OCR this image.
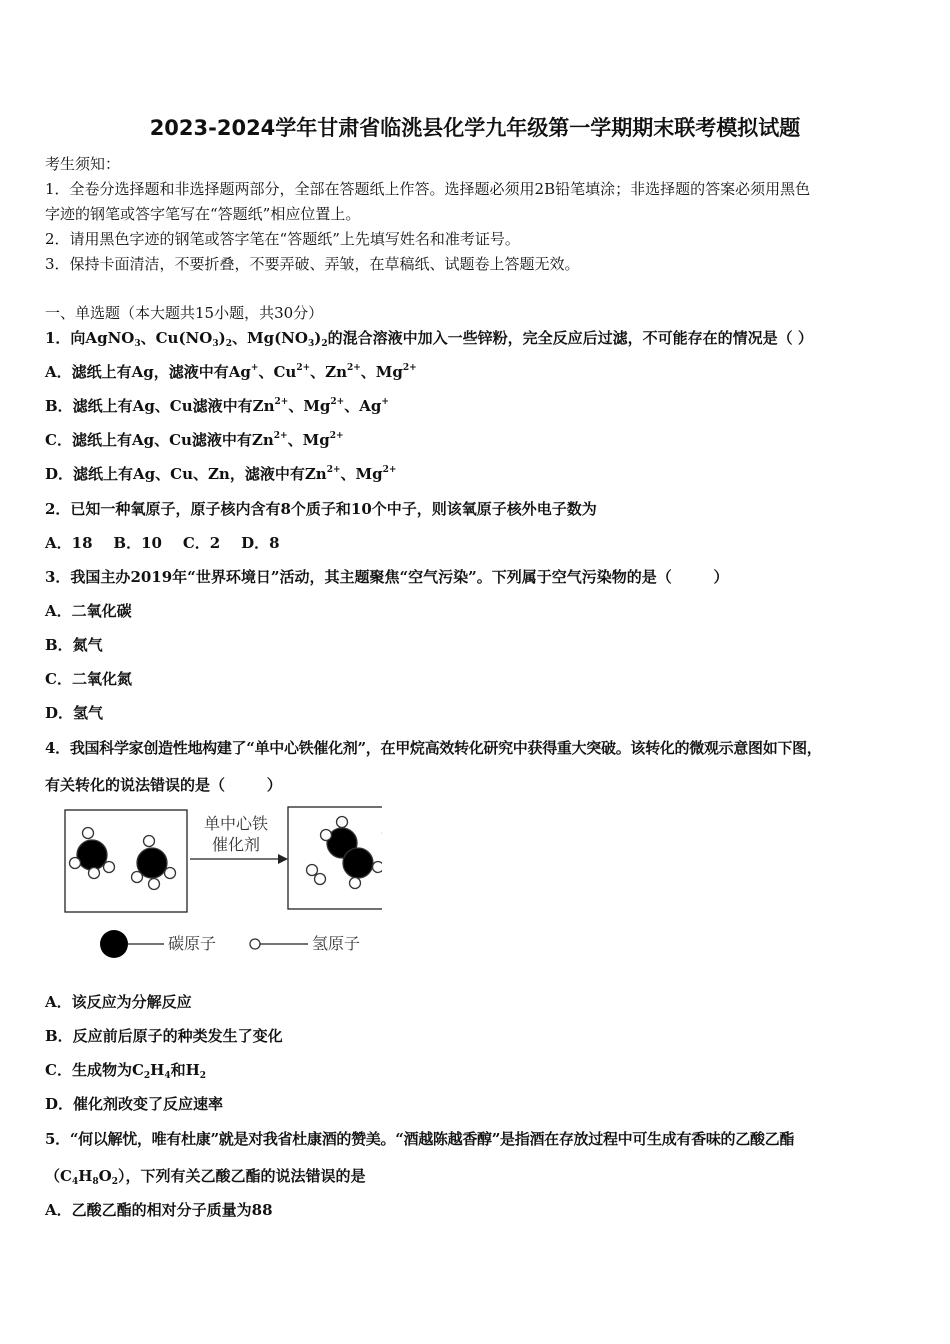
2023-2024学年甘肃省临洮县化学九年级第一学期期末联考模拟试题
考生须知：
1．全卷分选择题和非选择题两部分，全部在答题纸上作答。选择题必须用2B铅笔填涂；非选择题的答案必须用黑色
字迹的钢笔或答字笔写在“答题纸”相应位置上。
2．请用黑色字迹的钢笔或答字笔在“答题纸”上先填写姓名和准考证号。
3．保持卡面清洁，不要折叠，不要弄破、弄皱，在草稿纸、试题卷上答题无效。
一、单选题（本大题共15小题，共30分）
1．向AgNO$_3$、$Cu(NO_3)_2$、$Mg(NO_3)_2$的混合溶液中加入一些锌粉，完全反应后过滤，不可能存在的情况是（ ）
A．滤纸上有Ag，滤液中有Ag+、$Cu^{2+}$、$Zn^{2+}$、$Mg^{2+}$
B．滤纸上有Ag、Cu滤液中有$Zn^{2+}$、$Mg^{2+}$、Ag+
C．滤纸上有Ag、Cu滤液中有$Zn^{2+}$、$Mg^{2+}$
D．滤纸上有Ag、Cu、Zn，滤液中有$Zn^{2+}$、$Mg^{2+}$
2．已知一种氧原子，原子核内含有8个质子和10个中子，则该氧原子核外电子数为
A．18    B．10    C．2    D．8
3．我国主办2019年“世界环境日”活动，其主题聚焦“空气污染”。下列属于空气污染物的是（        ）
A．二氧化碳
B．氮气
C．二氧化氮
D．氢气
4．我国科学家创造性地构建了“单中心铁催化剂”，在甲烷高效转化研究中获得重大突破。该转化的微观示意图如下图，
有关转化的说法错误的是（        ）
单中心铁
催化剂
碳原子	氢原子
A．该反应为分解反应
B．反应前后原子的种类发生了变化
C．生成物为$C_2H_4$和$H_2$
D．催化剂改变了反应速率
5．“何以解忧，唯有杜康”就是对我省杜康酒的赞美。“酒越陈越香醇”是指酒在存放过程中可生成有香味的乙酸乙酯
$(C_4H_8O_2)$，下列有关乙酸乙酯的说法错误的是
A．乙酸乙酯的相对分子质量为88
